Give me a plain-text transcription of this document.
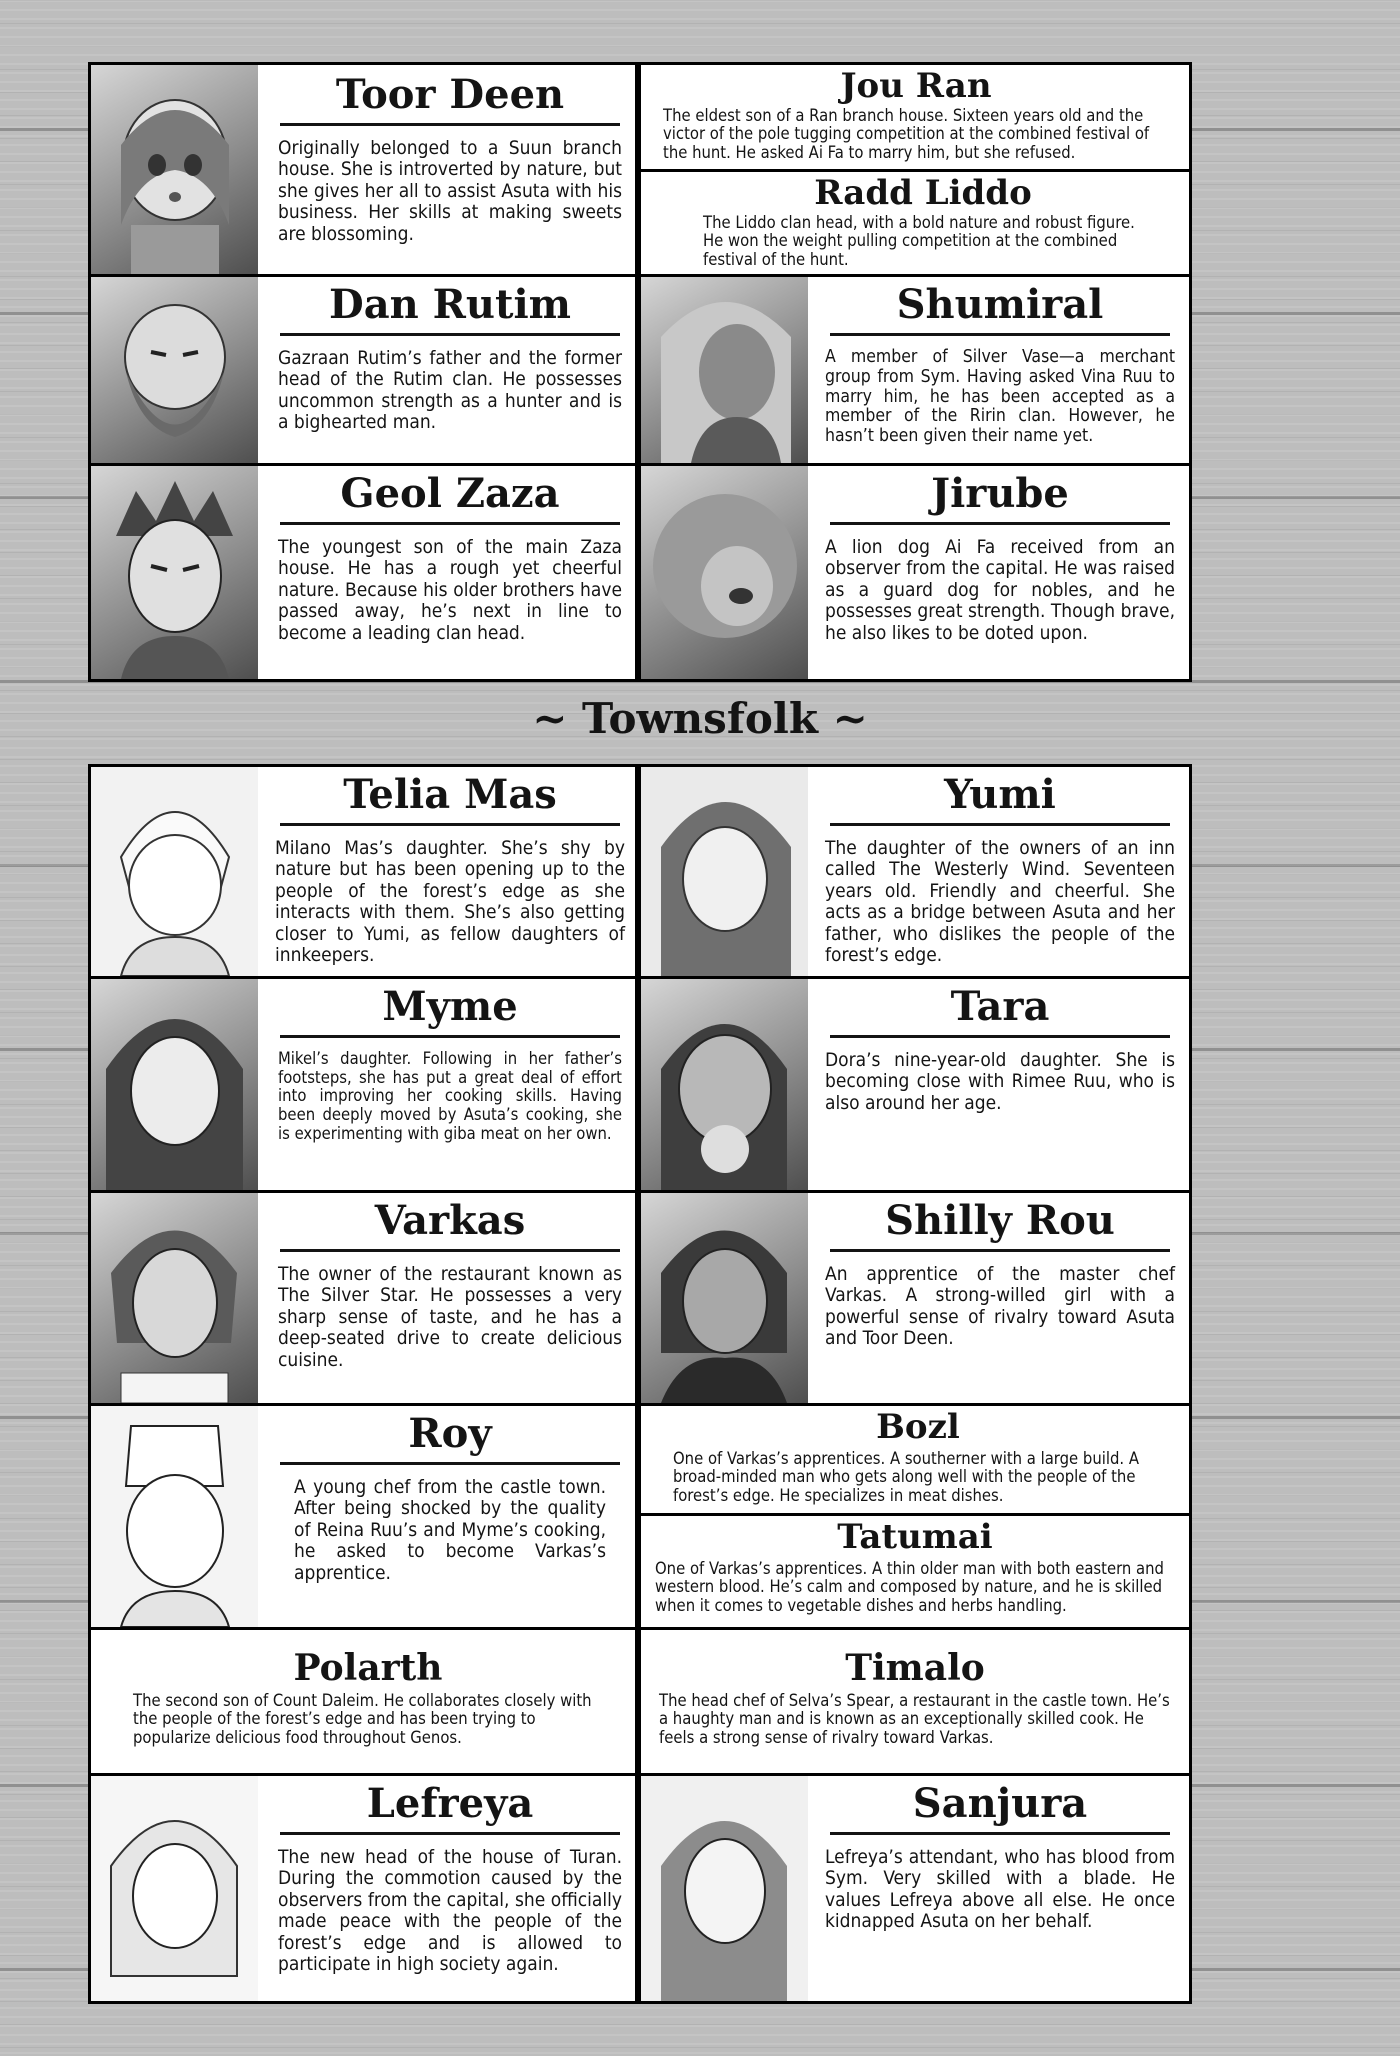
Toor Deen
Originally belonged to a Suun branch house. She is introverted by nature, but she gives her all to assist Asuta with his business. Her skills at making sweets are blossoming.
Jou Ran
The eldest son of a Ran branch house. Sixteen years old and the victor of the pole tugging competition at the combined festival of the hunt. He asked Ai Fa to marry him, but she refused.
Radd Liddo
The Liddo clan head, with a bold nature and robust figure. He won the weight pulling competition at the combined festival of the hunt.
Dan Rutim
Gazraan Rutim’s father and the former head of the Rutim clan. He possesses uncommon strength as a hunter and is a bighearted man.
Shumiral
A member of Silver Vase—a merchant group from Sym. Having asked Vina Ruu to marry him, he has been accepted as a member of the Ririn clan. However, he hasn’t been given their name yet.
Geol Zaza
The youngest son of the main Zaza house. He has a rough yet cheerful nature. Because his older brothers have passed away, he’s next in line to become a leading clan head.
Jirube
A lion dog Ai Fa received from an observer from the capital. He was raised as a guard dog for nobles, and he possesses great strength. Though brave, he also likes to be doted upon.
~ Townsfolk ~
Telia Mas
Milano Mas’s daughter. She’s shy by nature but has been opening up to the people of the forest’s edge as she interacts with them. She’s also getting closer to Yumi, as fellow daughters of innkeepers.
Yumi
The daughter of the owners of an inn called The Westerly Wind. Seventeen years old. Friendly and cheerful. She acts as a bridge between Asuta and her father, who dislikes the people of the forest’s edge.
Myme
Mikel’s daughter. Following in her father’s footsteps, she has put a great deal of effort into improving her cooking skills. Having been deeply moved by Asuta’s cooking, she is experimenting with giba meat on her own.
Tara
Dora’s nine-year-old daughter. She is becoming close with Rimee Ruu, who is also around her age.
Varkas
The owner of the restaurant known as The Silver Star. He possesses a very sharp sense of taste, and he has a deep-seated drive to create delicious cuisine.
Shilly Rou
An apprentice of the master chef Varkas. A strong-willed girl with a powerful sense of rivalry toward Asuta and Toor Deen.
Roy
A young chef from the castle town. After being shocked by the quality of Reina Ruu’s and Myme’s cooking, he asked to become Varkas’s apprentice.
Bozl
One of Varkas’s apprentices. A southerner with a large build. A broad-minded man who gets along well with the people of the forest’s edge. He specializes in meat dishes.
Tatumai
One of Varkas’s apprentices. A thin older man with both eastern and western blood. He’s calm and composed by nature, and he is skilled when it comes to vegetable dishes and herbs handling.
Polarth
The second son of Count Daleim. He collaborates closely with the people of the forest’s edge and has been trying to popularize delicious food throughout Genos.
Timalo
The head chef of Selva’s Spear, a restaurant in the castle town. He’s a haughty man and is known as an exceptionally skilled cook. He feels a strong sense of rivalry toward Varkas.
Lefreya
The new head of the house of Turan. During the commotion caused by the observers from the capital, she officially made peace with the people of the forest’s edge and is allowed to participate in high society again.
Sanjura
Lefreya’s attendant, who has blood from Sym. Very skilled with a blade. He values Lefreya above all else. He once kidnapped Asuta on her behalf.
